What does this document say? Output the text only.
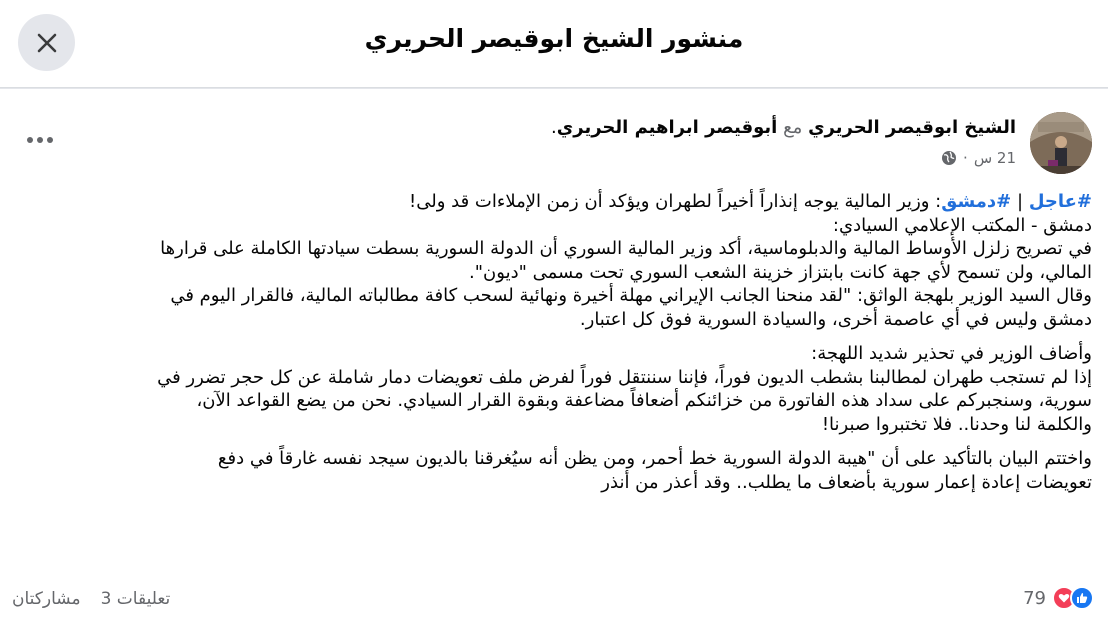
منشور الشيخ ابوقيصر الحريري
الشيخ ابوقيصر الحريري مع أبوقيصر ابراهيم الحريري.
21 س
·

#عاجل | #دمشق: وزير المالية يوجه إنذاراً أخيراً لطهران ويؤكد أن زمن الإملاءات قد ولى!
دمشق - المكتب الإعلامي السيادي:
في تصريح زلزل الأوساط المالية والدبلوماسية، أكد وزير المالية السوري أن الدولة السورية بسطت سيادتها الكاملة على قرارها
المالي، ولن تسمح لأي جهة كانت بابتزاز خزينة الشعب السوري تحت مسمى "ديون".
وقال السيد الوزير بلهجة الواثق: "لقد منحنا الجانب الإيراني مهلة أخيرة ونهائية لسحب كافة مطالباته المالية، فالقرار اليوم في
دمشق وليس في أي عاصمة أخرى، والسيادة السورية فوق كل اعتبار.

وأضاف الوزير في تحذير شديد اللهجة:
إذا لم تستجب طهران لمطالبنا بشطب الديون فوراً، فإننا سننتقل فوراً لفرض ملف تعويضات دمار شاملة عن كل حجر تضرر في
سورية، وسنجبركم على سداد هذه الفاتورة من خزائنكم أضعافاً مضاعفة وبقوة القرار السيادي. نحن من يضع القواعد الآن،
والكلمة لنا وحدنا.. فلا تختبروا صبرنا!

واختتم البيان بالتأكيد على أن "هيبة الدولة السورية خط أحمر، ومن يظن أنه سيُغرقنا بالديون سيجد نفسه غارقاً في دفع
تعويضات إعادة إعمار سورية بأضعاف ما يطلب.. وقد أعذر من أنذر

79
مشاركتان 3 تعليقات
